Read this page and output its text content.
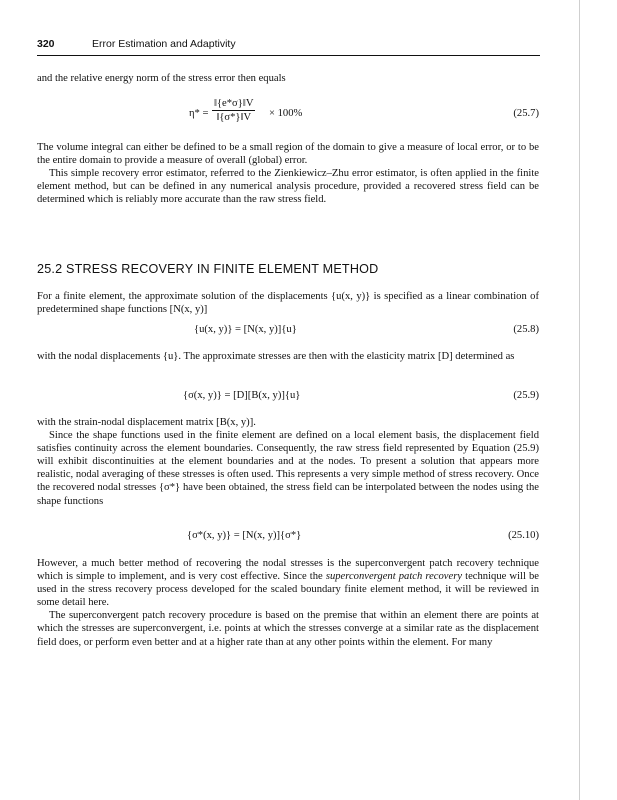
320	Error Estimation and Adaptivity

and the relative energy norm of the stress error then equals

η* =
‖{e*σ}‖V
‖{σ*}‖V	× 100%	(25.7)

The volume integral can either be defined to be a small region of the domain to give a measure of local error, or to be the entire domain to provide a measure of overall (global) error.

This simple recovery error estimator, referred to the Zienkiewicz–Zhu error estimator, is often applied in the finite element method, but can be defined in any numerical analysis procedure, provided a recovered stress field can be determined which is reliably more accurate than the raw stress field.

25.2 STRESS RECOVERY IN FINITE ELEMENT METHOD

For a finite element, the approximate solution of the displacements {u(x, y)} is specified as a linear combination of predetermined shape functions [N(x, y)]

{u(x, y)} = [N(x, y)]{u}	(25.8)

with the nodal displacements {u}. The approximate stresses are then with the elasticity matrix [D] determined as

{σ(x, y)} = [D][B(x, y)]{u}	(25.9)

with the strain-nodal displacement matrix [B(x, y)].

Since the shape functions used in the finite element are defined on a local element basis, the displacement field satisfies continuity across the element boundaries. Consequently, the raw stress field represented by Equation (25.9) will exhibit discontinuities at the element boundaries and at the nodes. To present a solution that appears more realistic, nodal averaging of these stresses is often used. This represents a very simple method of stress recovery. Once the recovered nodal stresses {σ*} have been obtained, the stress field can be interpolated between the nodes using the shape functions

{σ*(x, y)} = [N(x, y)]{σ*}	(25.10)

However, a much better method of recovering the nodal stresses is the superconvergent patch recovery technique which is simple to implement, and is very cost effective. Since the superconvergent patch recovery technique will be used in the stress recovery process developed for the scaled boundary finite element method, it will be reviewed in some detail here.

The superconvergent patch recovery procedure is based on the premise that within an element there are points at which the stresses are superconvergent, i.e. points at which the stresses converge at a similar rate as the displacement field does, or perform even better and at a higher rate than at any other points within the element. For many
